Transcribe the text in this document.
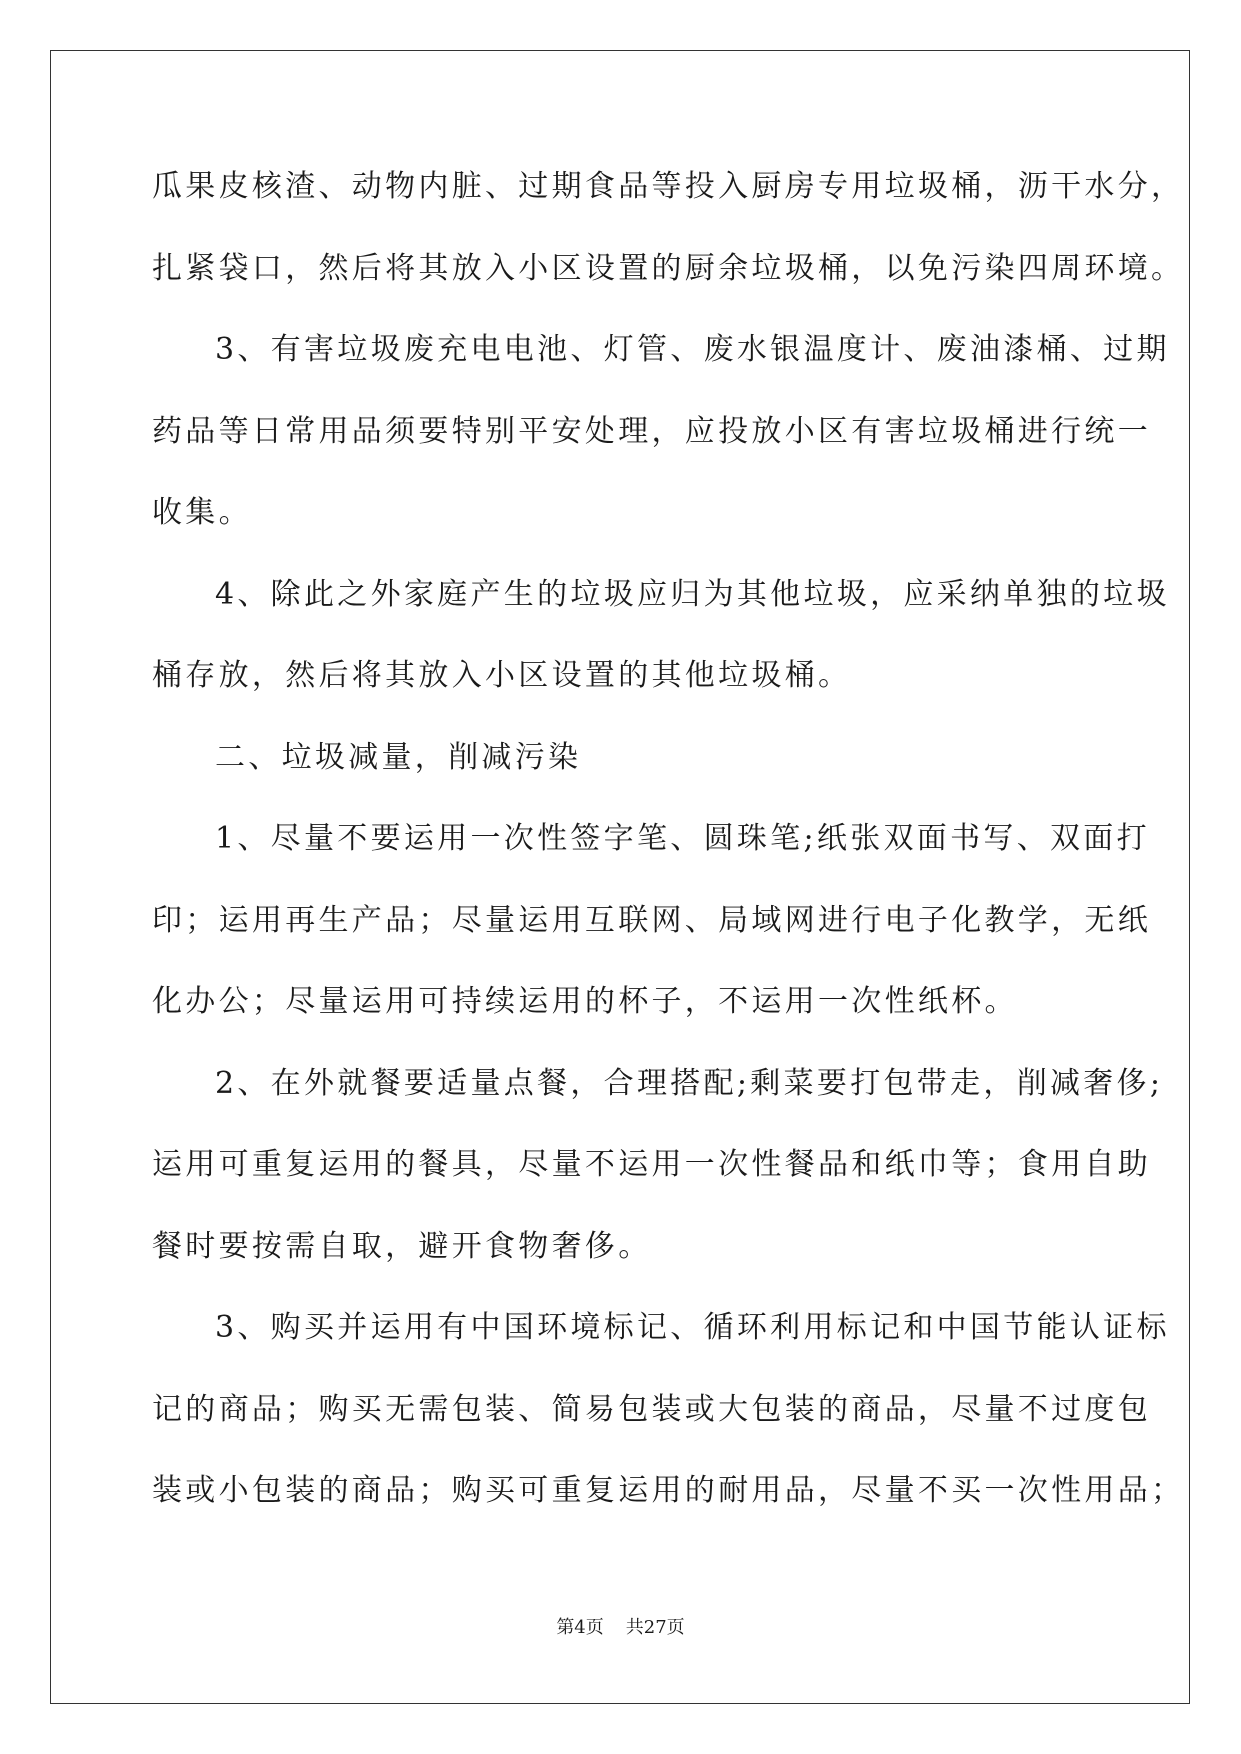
瓜果皮核渣、动物内脏、过期食品等投入厨房专用垃圾桶，沥干水分，

扎紧袋口，然后将其放入小区设置的厨余垃圾桶，以免污染四周环境。

3、有害垃圾废充电电池、灯管、废水银温度计、废油漆桶、过期

药品等日常用品须要特别平安处理，应投放小区有害垃圾桶进行统一

收集。

4、除此之外家庭产生的垃圾应归为其他垃圾，应采纳单独的垃圾

桶存放，然后将其放入小区设置的其他垃圾桶。

二、垃圾减量，削减污染

1、尽量不要运用一次性签字笔、圆珠笔;纸张双面书写、双面打

印；运用再生产品；尽量运用互联网、局域网进行电子化教学，无纸

化办公；尽量运用可持续运用的杯子，不运用一次性纸杯。

2、在外就餐要适量点餐，合理搭配;剩菜要打包带走，削减奢侈;

运用可重复运用的餐具，尽量不运用一次性餐品和纸巾等；食用自助

餐时要按需自取，避开食物奢侈。

3、购买并运用有中国环境标记、循环利用标记和中国节能认证标

记的商品；购买无需包装、简易包装或大包装的商品，尽量不过度包

装或小包装的商品；购买可重复运用的耐用品，尽量不买一次性用品；

第4页 共27页
